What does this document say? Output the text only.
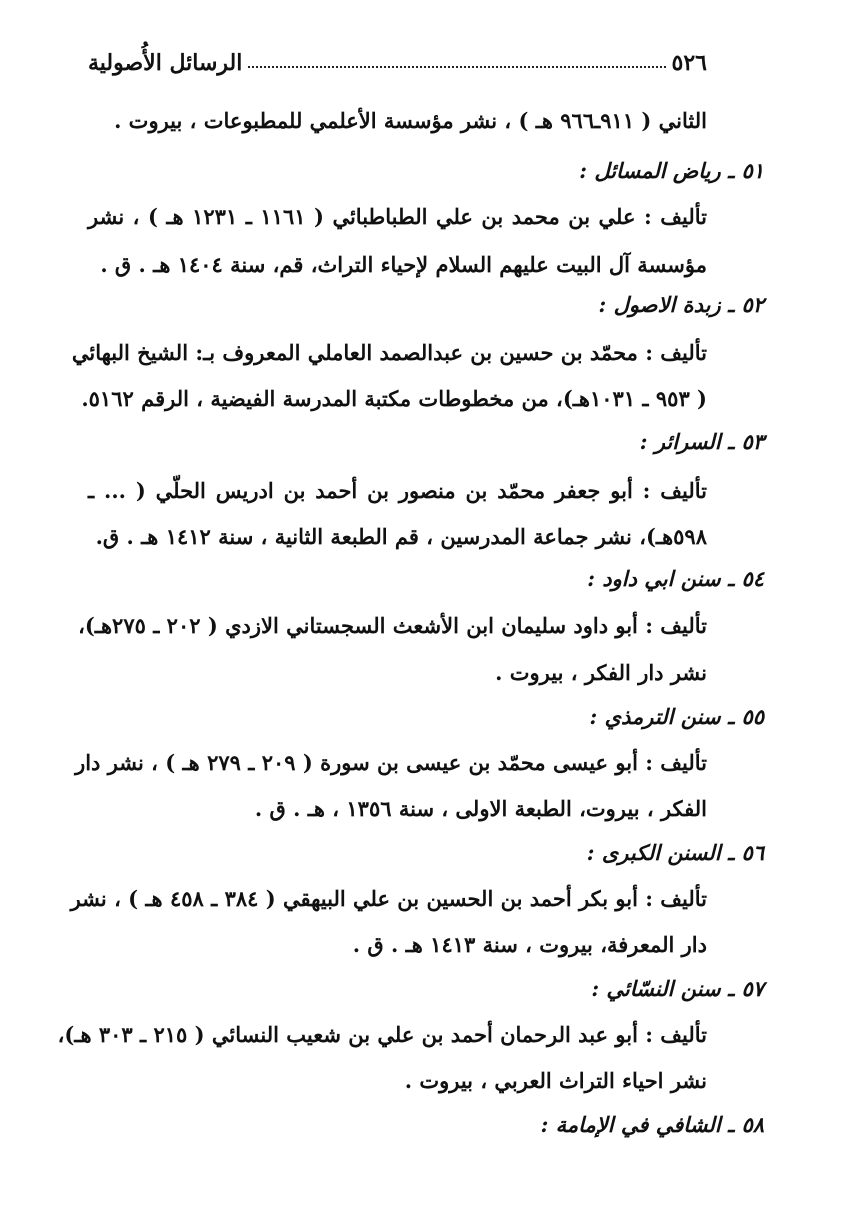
٥٢٦
الرسائل الأُصولية
الثاني ( ٩١١ـ٩٦٦ هـ ) ، نشر مؤسسة الأعلمي للمطبوعات ، بيروت .
٥١ ـ رياض المسائل :
تأليف : علي بن محمد بن علي الطباطبائي ( ١١٦١ ـ ١٢٣١ هـ ) ، نشر
مؤسسة آل البيت عليهم السلام لإحياء التراث، قم، سنة ١٤٠٤ هـ . ق .
٥٢ ـ زبدة الاصول :
تأليف : محمّد بن حسين بن عبدالصمد العاملي المعروف بـ: الشيخ البهائي
( ٩٥٣ ـ ١٠٣١هـ)، من مخطوطات مكتبة المدرسة الفيضية ، الرقم ٥١٦٢.
٥٣ ـ السرائر :
تأليف : أبو جعفر محمّد بن منصور بن أحمد بن ادريس الحلّي ( ... ـ
٥٩٨هـ)، نشر جماعة المدرسين ، قم الطبعة الثانية ، سنة ١٤١٢ هـ . ق.
٥٤ ـ سنن ابي داود :
تأليف : أبو داود سليمان ابن الأشعث السجستاني الازدي ( ٢٠٢ ـ ٢٧٥هـ)،
نشر دار الفكر ، بيروت .
٥٥ ـ سنن الترمذي :
تأليف : أبو عيسى محمّد بن عيسى بن سورة ( ٢٠٩ ـ ٢٧٩ هـ ) ، نشر دار
الفكر ، بيروت، الطبعة الاولى ، سنة ١٣٥٦ ، هـ . ق .
٥٦ ـ السنن الكبرى :
تأليف : أبو بكر أحمد بن الحسين بن علي البيهقي ( ٣٨٤ ـ ٤٥٨ هـ ) ، نشر
دار المعرفة، بيروت ، سنة ١٤١٣ هـ . ق .
٥٧ ـ سنن النسّائي :
تأليف : أبو عبد الرحمان أحمد بن علي بن شعيب النسائي ( ٢١٥ ـ ٣٠٣ هـ)،
نشر احياء التراث العربي ، بيروت .
٥٨ ـ الشافي في الإمامة :
